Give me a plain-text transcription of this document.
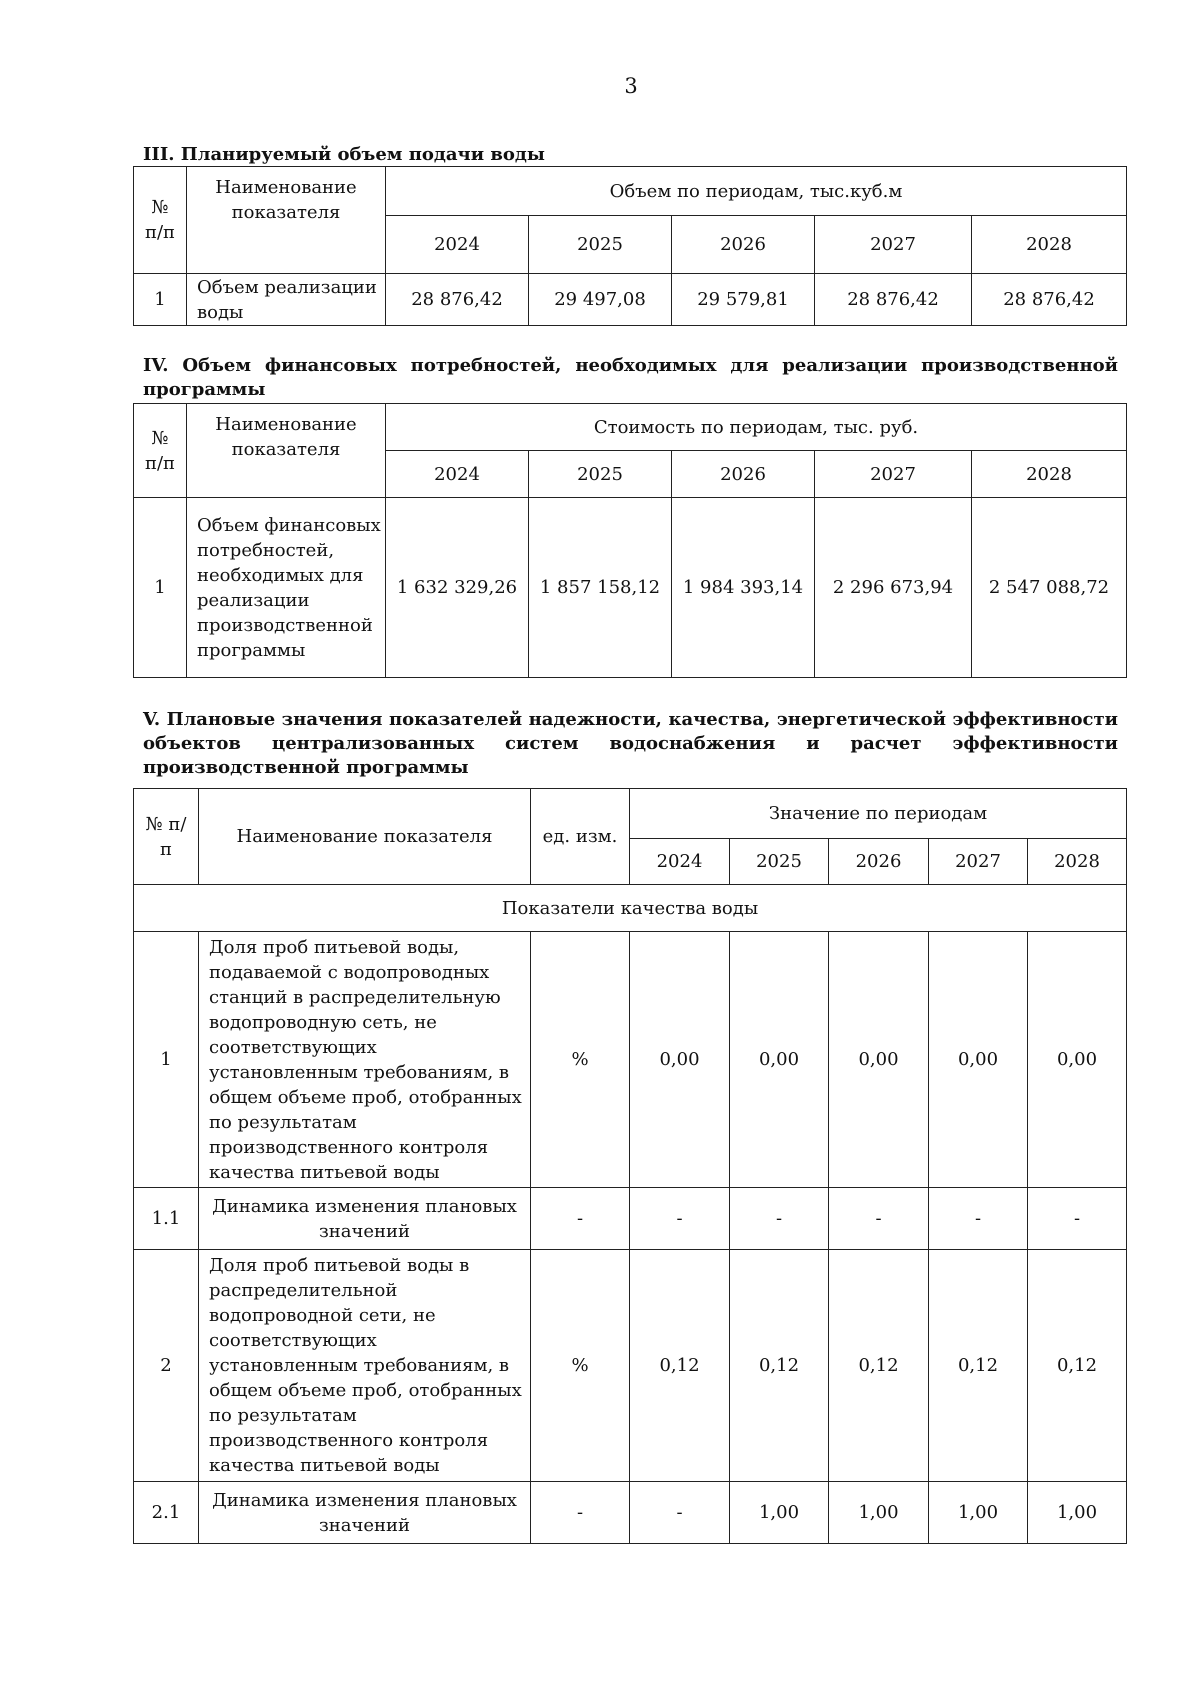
3
III. Планируемый объем подачи воды
№ п/п	Наименование показателя	Объем по периодам, тыс.куб.м				
		2024	2025	2026	2027	2028
1	Объем реализации воды	28 876,42	29 497,08	29 579,81	28 876,42	28 876,42
IV. Объем финансовых потребностей, необходимых для реализации производственной программы
№ п/п	Наименование показателя	Стоимость по периодам, тыс. руб.				
		2024	2025	2026	2027	2028
1	Объем финансовых потребностей, необходимых для реализации производственной программы	1 632 329,26	1 857 158,12	1 984 393,14	2 296 673,94	2 547 088,72
V. Плановые значения показателей надежности, качества, энергетической эффективности объектов централизованных систем водоснабжения и расчет эффективности производственной программы
№ п/п	Наименование показателя	ед. изм.	Значение по периодам				
			2024	2025	2026	2027	2028
Показатели качества воды							
1	Доля проб питьевой воды, подаваемой с водопроводных станций в распределительную водопроводную сеть, не соответствующих установленным требованиям, в общем объеме проб, отобранных по результатам производственного контроля качества питьевой воды	%	0,00	0,00	0,00	0,00	0,00
1.1	Динамика изменения плановых значений	-	-	-	-	-	-
2	Доля проб питьевой воды в распределительной водопроводной сети, не соответствующих установленным требованиям, в общем объеме проб, отобранных по результатам производственного контроля качества питьевой воды	%	0,12	0,12	0,12	0,12	0,12
2.1	Динамика изменения плановых значений	-	-	1,00	1,00	1,00	1,00
